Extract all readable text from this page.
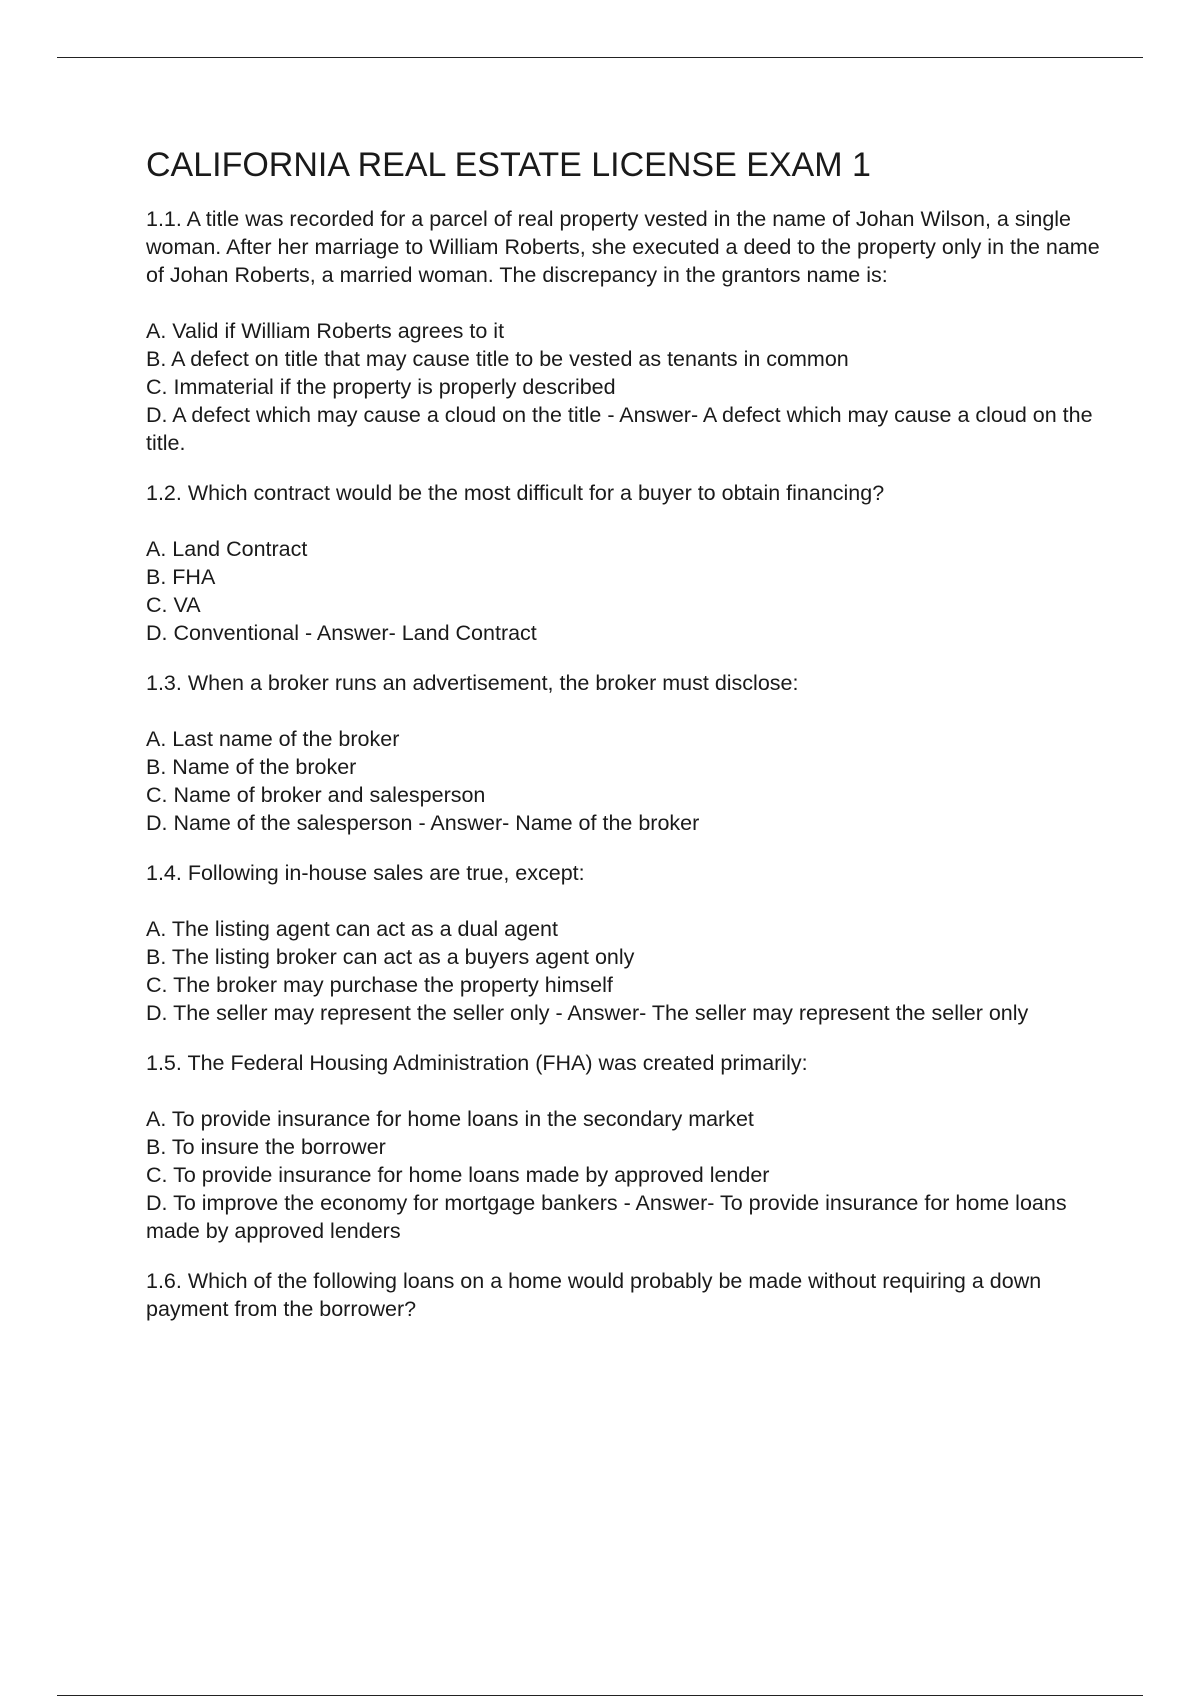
CALIFORNIA REAL ESTATE LICENSE EXAM 1

1.1. A title was recorded for a parcel of real property vested in the name of Johan Wilson, a single woman. After her marriage to William Roberts, she executed a deed to the property only in the name of Johan Roberts, a married woman. The discrepancy in the grantors name is:

A. Valid if William Roberts agrees to it

B. A defect on title that may cause title to be vested as tenants in common

C. Immaterial if the property is properly described

D. A defect which may cause a cloud on the title - Answer- A defect which may cause a cloud on the title.

1.2. Which contract would be the most difficult for a buyer to obtain financing?

A. Land Contract

B. FHA

C. VA

D. Conventional - Answer- Land Contract

1.3. When a broker runs an advertisement, the broker must disclose:

A. Last name of the broker

B. Name of the broker

C. Name of broker and salesperson

D. Name of the salesperson - Answer- Name of the broker

1.4. Following in-house sales are true, except:

A. The listing agent can act as a dual agent

B. The listing broker can act as a buyers agent only

C. The broker may purchase the property himself

D. The seller may represent the seller only - Answer- The seller may represent the seller only

1.5. The Federal Housing Administration (FHA) was created primarily:

A. To provide insurance for home loans in the secondary market

B. To insure the borrower

C. To provide insurance for home loans made by approved lender

D. To improve the economy for mortgage bankers - Answer- To provide insurance for home loans made by approved lenders

1.6. Which of the following loans on a home would probably be made without requiring a down payment from the borrower?
